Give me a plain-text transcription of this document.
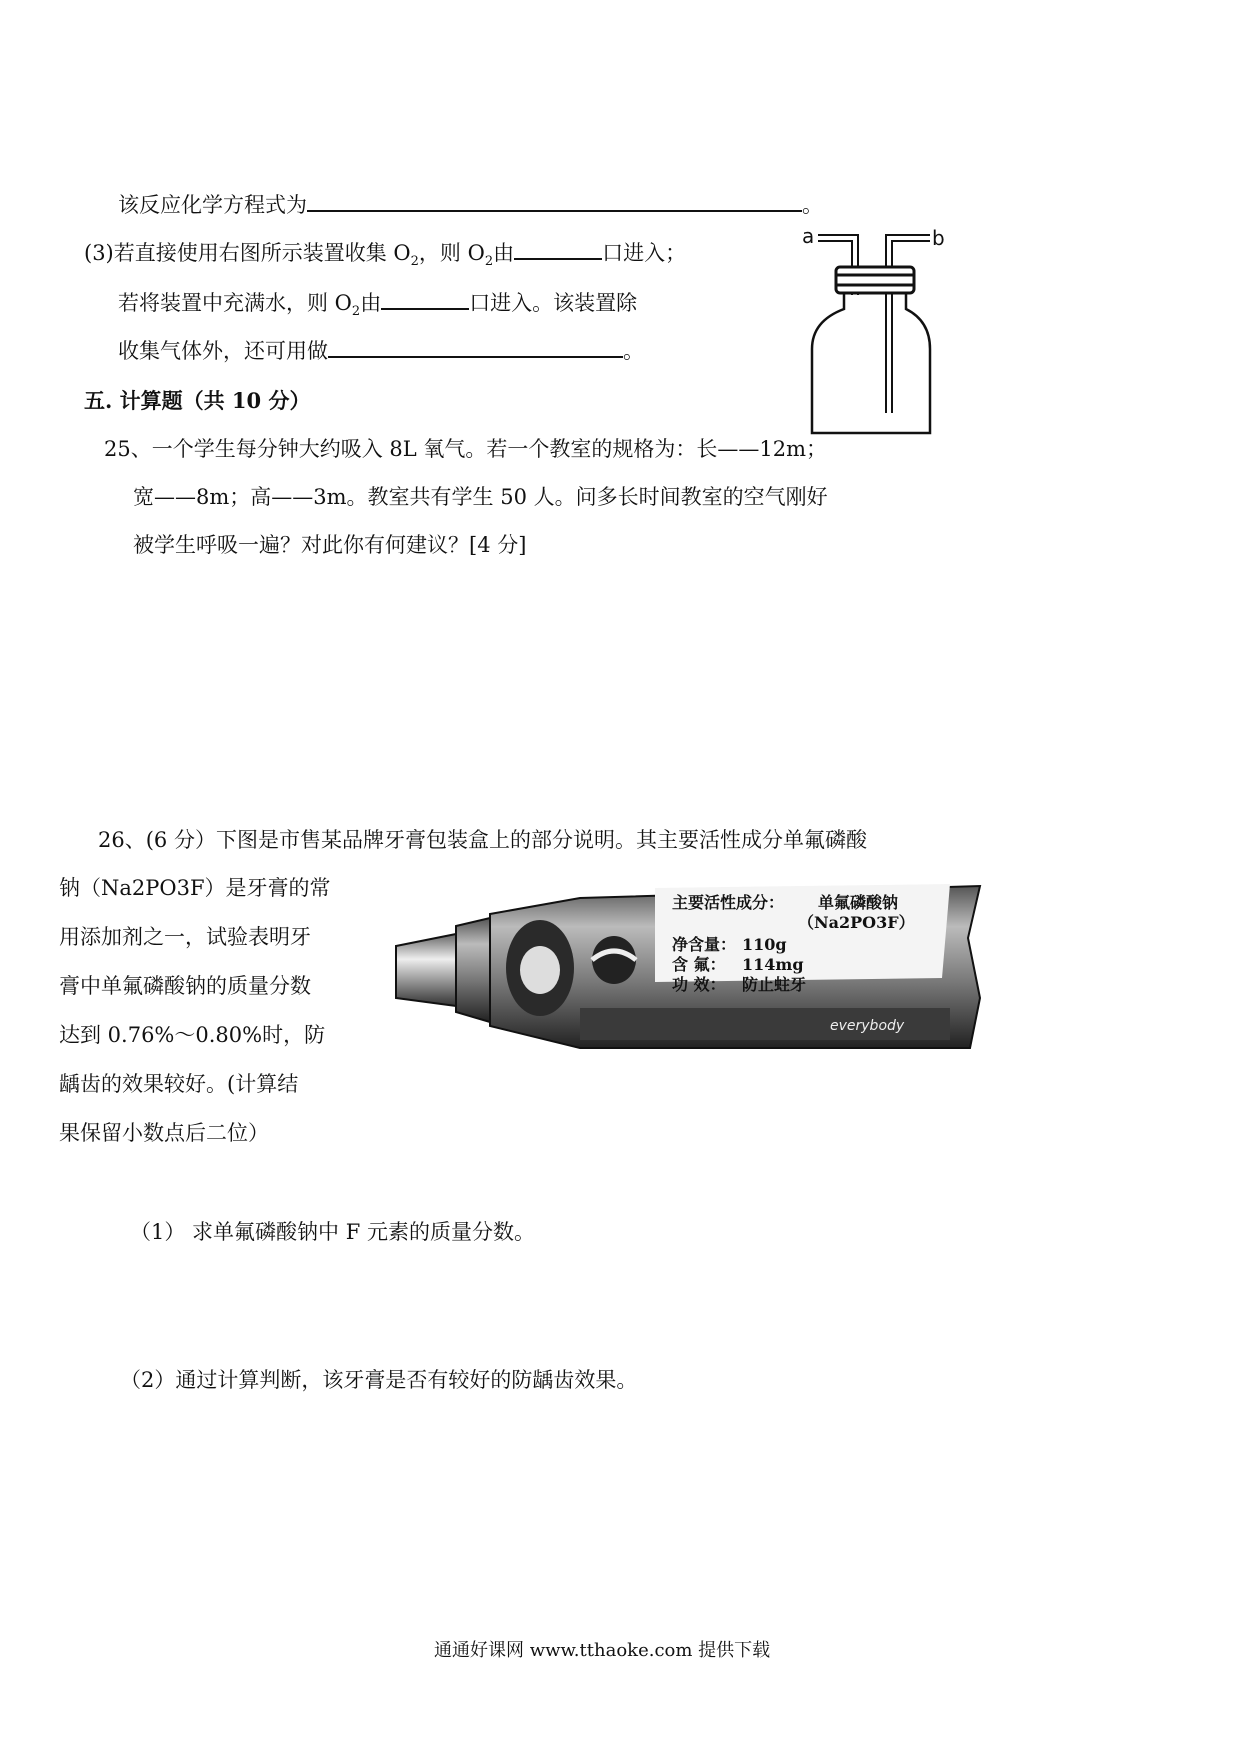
该反应化学方程式为	。
(3)若直接使用右图所示装置收集 $O_2$，则 $O_2$由	口进入；
若将装置中充满水，则 $O_2$由	口进入。该装置除
收集气体外，还可用做	。
a	b
五. 计算题（共 10 分）
25、一个学生每分钟大约吸入 8L 氧气。若一个教室的规格为：长——12m；
宽——8m；高——3m。教室共有学生 50 人。问多长时间教室的空气刚好
被学生呼吸一遍？对此你有何建议？[4 分]
26、(6 分）下图是市售某品牌牙膏包装盒上的部分说明。其主要活性成分单氟磷酸
钠（Na2PO3F）是牙膏的常
用添加剂之一，试验表明牙
膏中单氟磷酸钠的质量分数
达到 0.76%～0.80%时，防
龋齿的效果较好。(计算结
果保留小数点后二位）
everybody
主要活性成分： 单氟磷酸钠
（Na2PO3F）
净含量： 110g
含 氟： 114mg
功 效： 防止蛀牙
（1） 求单氟磷酸钠中 F 元素的质量分数。
（2）通过计算判断，该牙膏是否有较好的防龋齿效果。
通通好课网 www.tthaoke.com 提供下载
